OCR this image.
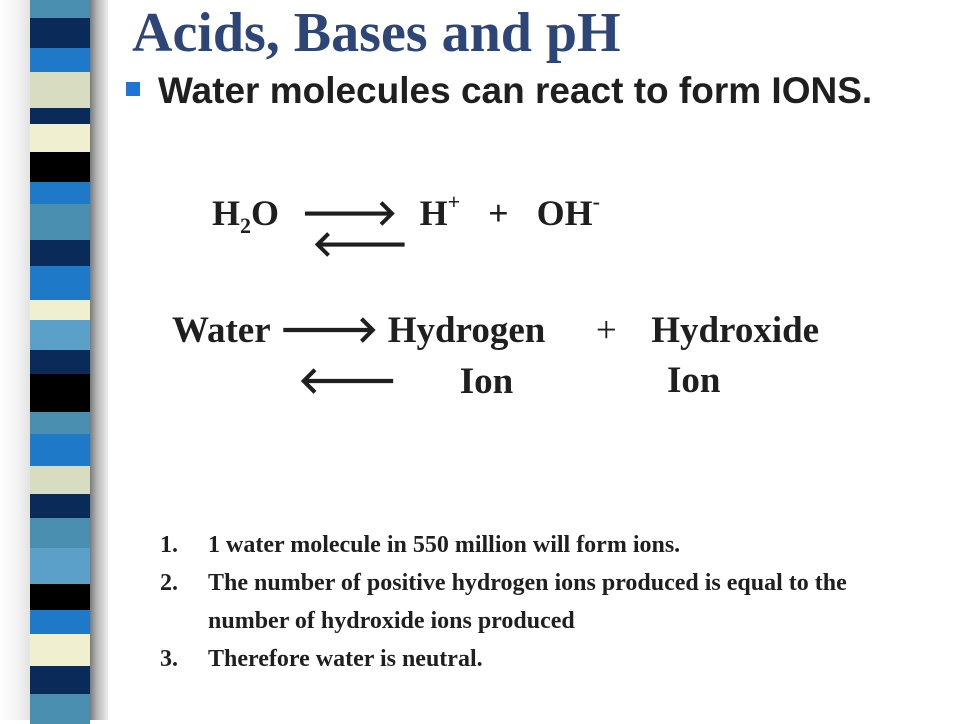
Acids, Bases and pH
Water molecules can react to form IONS.
$H_2O$ 🡒 H+ + OH-
🡐
Water 🡒 Hydrogen + Hydroxide
🡐 Ion	Ion
1. 1 water molecule in 550 million will form ions.
2. The number of positive hydrogen ions produced is equal to the number of hydroxide ions produced
3. Therefore water is neutral.
